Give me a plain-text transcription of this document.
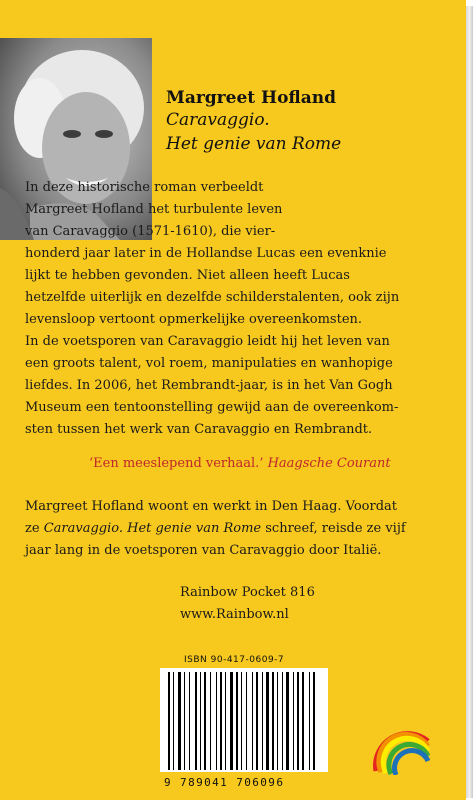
Margreet Hofland
Caravaggio.
Het genie van Rome
In deze historische roman verbeeldt
Margreet Hofland het turbulente leven
van Caravaggio (1571-1610), die vier-
honderd jaar later in de Hollandse Lucas een evenknie
lijkt te hebben gevonden. Niet alleen heeft Lucas
hetzelfde uiterlijk en dezelfde schilderstalenten, ook zijn
levensloop vertoont opmerkelijke overeenkomsten.
In de voetsporen van Caravaggio leidt hij het leven van
een groots talent, vol roem, manipulaties en wanhopige
liefdes. In 2006, het Rembrandt-jaar, is in het Van Gogh
Museum een tentoonstelling gewijd aan de overeenkom-
sten tussen het werk van Caravaggio en Rembrandt.
‘Een meeslepend verhaal.’ Haagsche Courant
Margreet Hofland woont en werkt in Den Haag. Voordat
ze Caravaggio. Het genie van Rome schreef, reisde ze vijf
jaar lang in de voetsporen van Caravaggio door Italië.
Rainbow Pocket 816
www.Rainbow.nl
ISBN 90-417-0609-7
9 789041 706096
